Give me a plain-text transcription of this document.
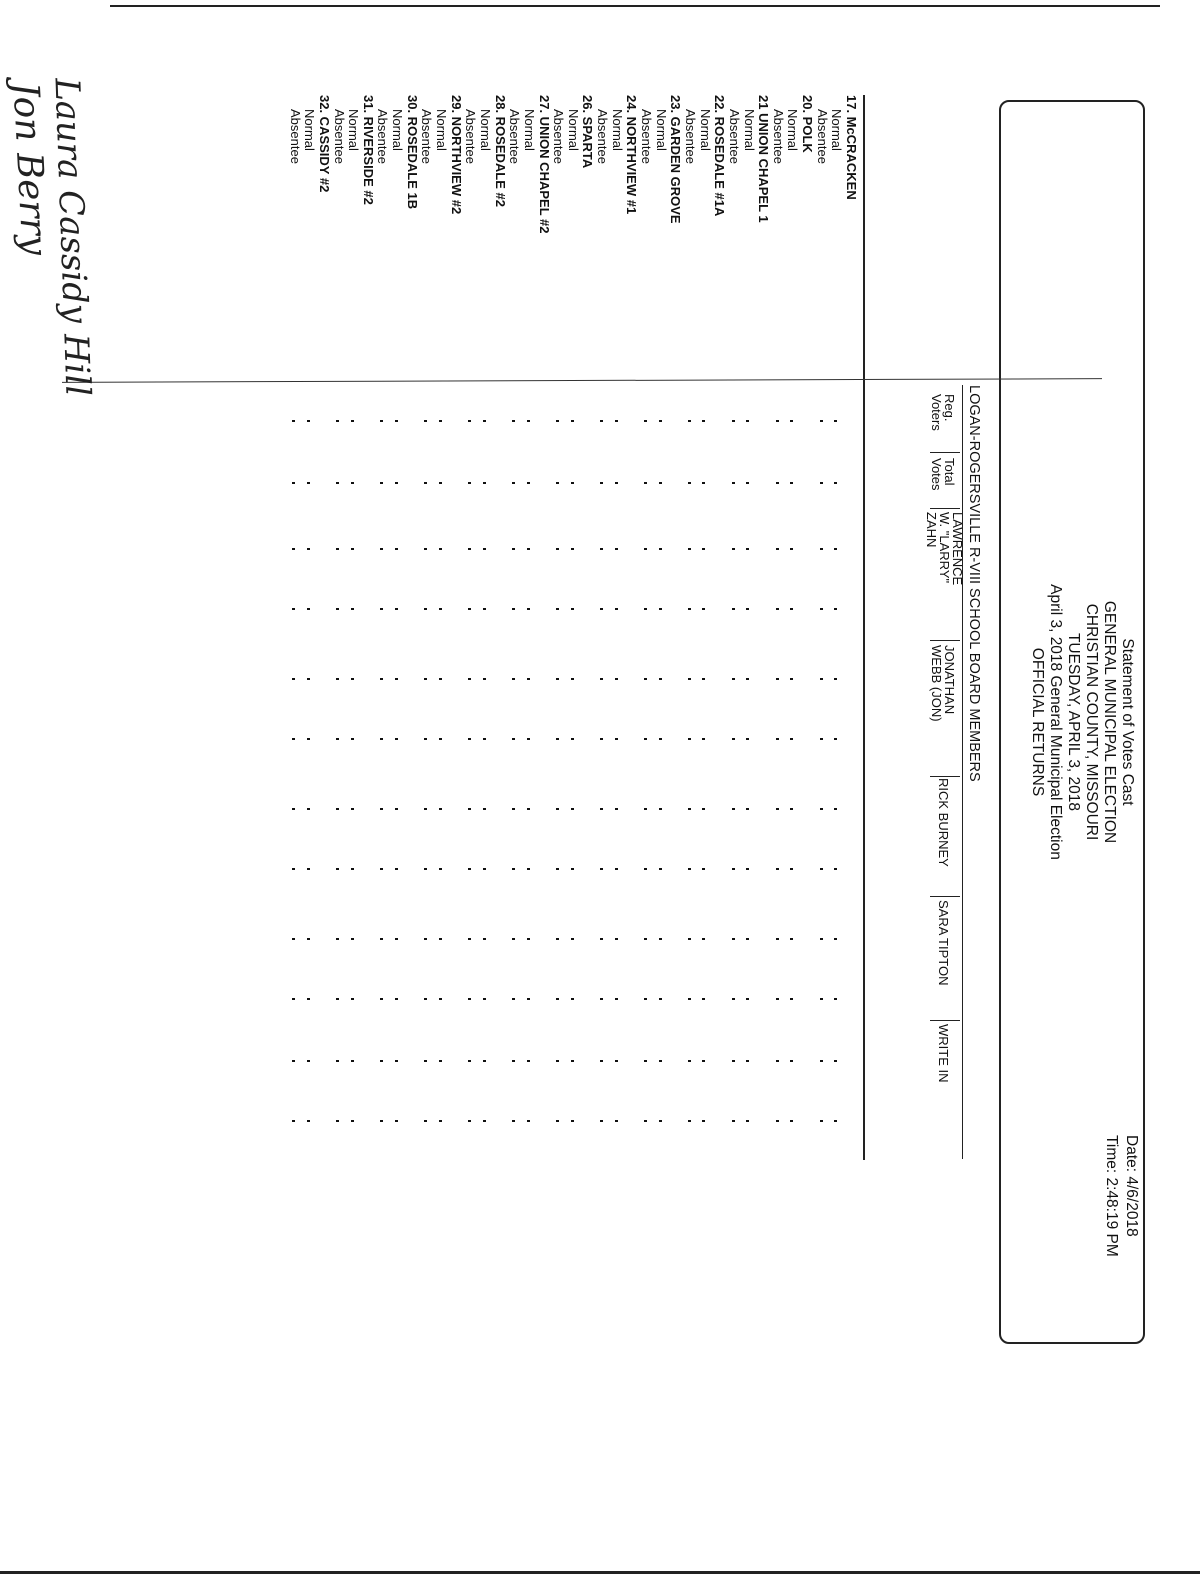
Statement of Votes Cast
GENERAL MUNICIPAL ELECTION
CHRISTIAN COUNTY, MISSOURI
TUESDAY, APRIL 3, 2018
April 3, 2018 General Municipal Election
OFFICIAL RETURNS
Date: 4/6/2018
Time: 2:48:19 PM
LOGAN-ROGERSVILLE R-VIII SCHOOL BOARD MEMBERS
Reg.
Voters
Total
Votes
LAWRENCE
W. "LARRY"
ZAHN
JONATHAN
WEBB (JON)
RICK BURNEY
SARA TIPTON
WRITE IN
17. McCRACKEN
Normal
Absentee
20. POLK
Normal
Absentee
21 UNION CHAPEL 1
Normal
Absentee
22. ROSEDALE #1A
Normal
Absentee
23. GARDEN GROVE
Normal
Absentee
24. NORTHVIEW #1
Normal
Absentee
26. SPARTA
Normal
Absentee
27. UNION CHAPEL #2
Normal
Absentee
28. ROSEDALE #2
Normal
Absentee
29. NORTHVIEW #2
Normal
Absentee
30. ROSEDALE 1B
Normal
Absentee
31. RIVERSIDE #2
Normal
Absentee
32. CASSIDY #2
Normal
Absentee
Laura Cassidy Hill
Jon Berry
